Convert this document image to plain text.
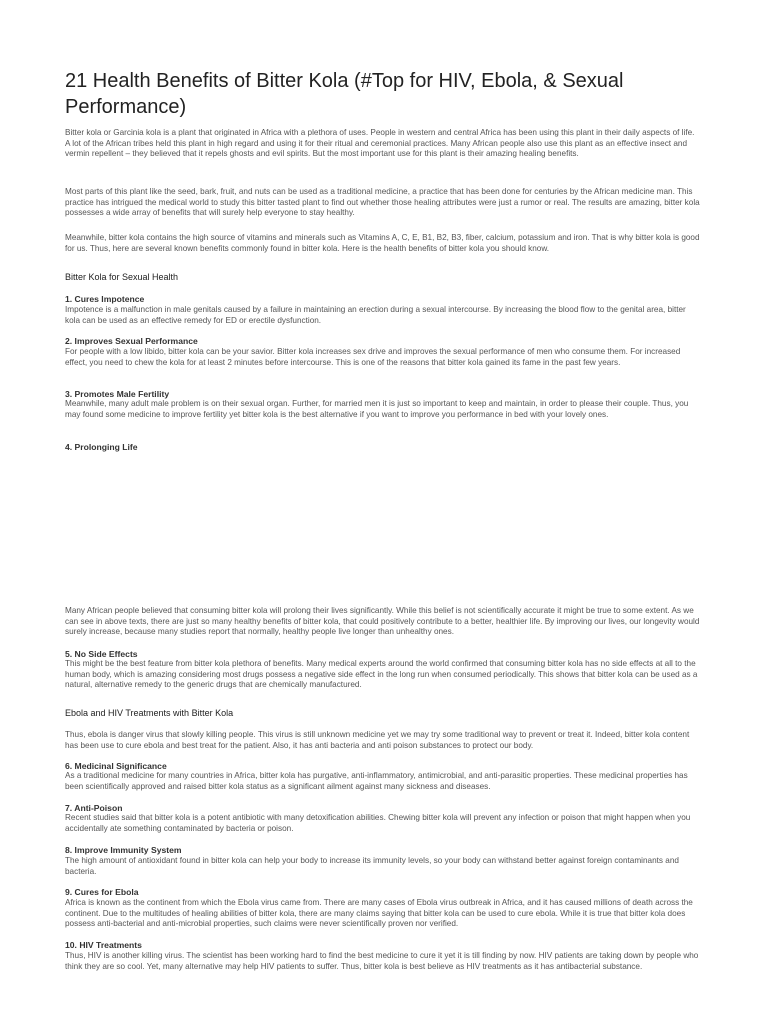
21 Health Benefits of Bitter Kola (#Top for HIV, Ebola, & Sexual Performance)

Bitter kola or Garcinia kola is a plant that originated in Africa with a plethora of uses. People in western and central Africa has been using this plant in their daily aspects of life. A lot of the African tribes held this plant in high regard and using it for their ritual and ceremonial practices. Many African people also use this plant as an effective insect and vermin repellent – they believed that it repels ghosts and evil spirits. But the most important use for this plant is their amazing healing benefits.

Most parts of this plant like the seed, bark, fruit, and nuts can be used as a traditional medicine, a practice that has been done for centuries by the African medicine man. This practice has intrigued the medical world to study this bitter tasted plant to find out whether those healing attributes were just a rumor or real. The results are amazing, bitter kola possesses a wide array of benefits that will surely help everyone to stay healthy.

Meanwhile, bitter kola contains the high source of vitamins and minerals such as Vitamins A, C, E, B1, B2, B3, fiber, calcium, potassium and iron. That is why bitter kola is good for us. Thus, here are several known benefits commonly found in bitter kola. Here is the health benefits of bitter kola you should know.

Bitter Kola for Sexual Health
1. Cures Impotence

Impotence is a malfunction in male genitals caused by a failure in maintaining an erection during a sexual intercourse. By increasing the blood flow to the genital area, bitter kola can be used as an effective remedy for ED or erectile dysfunction.

2. Improves Sexual Performance

For people with a low libido, bitter kola can be your savior. Bitter kola increases sex drive and improves the sexual performance of men who consume them. For increased effect, you need to chew the kola for at least 2 minutes before intercourse. This is one of the reasons that bitter kola gained its fame in the past few years.

3. Promotes Male Fertility

Meanwhile, many adult male problem is on their sexual organ. Further, for married men it is just so important to keep and maintain, in order to please their couple. Thus, you may found some medicine to improve fertility yet bitter kola is the best alternative if you want to improve you performance in bed with your lovely ones.

4. Prolonging Life

Many African people believed that consuming bitter kola will prolong their lives significantly. While this belief is not scientifically accurate it might be true to some extent. As we can see in above texts, there are just so many healthy benefits of bitter kola, that could positively contribute to a better, healthier life. By improving our lives, our longevity would surely increase, because many studies report that normally, healthy people live longer than unhealthy ones.

5. No Side Effects

This might be the best feature from bitter kola plethora of benefits. Many medical experts around the world confirmed that consuming bitter kola has no side effects at all to the human body, which is amazing considering most drugs possess a negative side effect in the long run when consumed periodically. This shows that bitter kola can be used as a natural, alternative remedy to the generic drugs that are chemically manufactured.

Ebola and HIV Treatments with Bitter Kola

Thus, ebola is danger virus that slowly killing people. This virus is still unknown medicine yet we may try some traditional way to prevent or treat it. Indeed, bitter kola content has been use to cure ebola and best treat for the patient. Also, it has anti bacteria and anti poison substances to protect our body.

6. Medicinal Significance

As a traditional medicine for many countries in Africa, bitter kola has purgative, anti-inflammatory, antimicrobial, and anti-parasitic properties. These medicinal properties has been scientifically approved and raised bitter kola status as a significant ailment against many sickness and diseases.

7. Anti-Poison

Recent studies said that bitter kola is a potent antibiotic with many detoxification abilities. Chewing bitter kola will prevent any infection or poison that might happen when you accidentally ate something contaminated by bacteria or poison.

8. Improve Immunity System

The high amount of antioxidant found in bitter kola can help your body to increase its immunity levels, so your body can withstand better against foreign contaminants and bacteria.

9. Cures for Ebola

Africa is known as the continent from which the Ebola virus came from. There are many cases of Ebola virus outbreak in Africa, and it has caused millions of death across the continent. Due to the multitudes of healing abilities of bitter kola, there are many claims saying that bitter kola can be used to cure ebola. While it is true that bitter kola does possess anti-bacterial and anti-microbial properties, such claims were never scientifically proven nor verified.

10. HIV Treatments

Thus, HIV is another killing virus. The scientist has been working hard to find the best medicine to cure it yet it is till finding by now. HIV patients are taking down by people who think they are so cool. Yet, many alternative may help HIV patients to suffer. Thus, bitter kola is best believe as HIV treatments as it has antibacterial substance.
